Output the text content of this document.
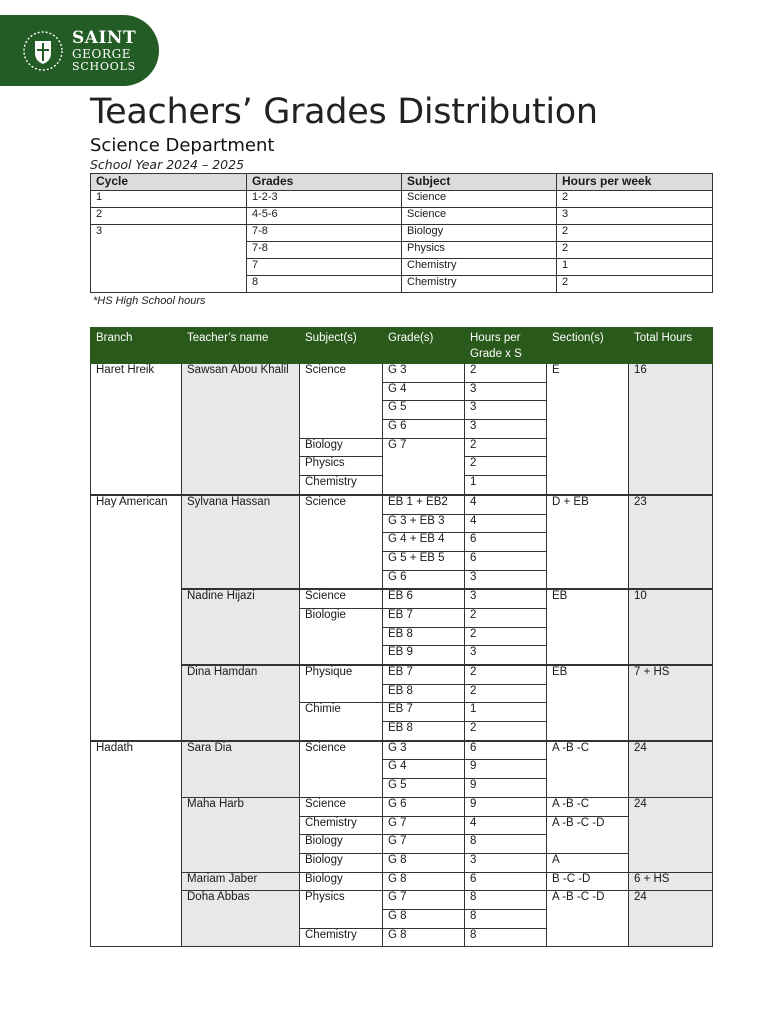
SAINT
GEORGE
SCHOOLS
Teachers’ Grades Distribution
Science Department
School Year 2024 – 2025
Cycle	Grades	Subject	Hours per week
1	1-2-3	Science	2
2	4-5-6	Science	3
3	7-8	Biology	2
	7-8	Physics	2
	7	Chemistry	1
	8	Chemistry	2
*HS High School hours
Branch	Teacher’s name	Subject(s)	Grade(s)	Hours per Grade x S	Section(s)	Total Hours
Haret Hreik	Sawsan Abou Khalil	Science	G 3	2	E	16
			G 4	3		
			G 5	3		
			G 6	3		
		Biology	G 7	2		
		Physics		2		
		Chemistry		1		
Hay American	Sylvana Hassan	Science	EB 1 + EB2	4	D + EB	23
			G 3 + EB 3	4		
			G 4 + EB 4	6		
			G 5 + EB 5	6		
			G 6	3		
	Nadine Hijazi	Science	EB 6	3	EB	10
		Biologie	EB 7	2		
			EB 8	2		
			EB 9	3		
	Dina Hamdan	Physique	EB 7	2	EB	7 + HS
			EB 8	2		
		Chimie	EB 7	1		
			EB 8	2		
Hadath	Sara Dia	Science	G 3	6	A -B -C	24
			G 4	9		
			G 5	9		
	Maha Harb	Science	G 6	9	A -B -C	24
		Chemistry	G 7	4	A -B -C -D	
		Biology	G 7	8		
		Biology	G 8	3	A	
	Mariam Jaber	Biology	G 8	6	B -C -D	6 + HS
	Doha Abbas	Physics	G 7	8	A -B -C -D	24
			G 8	8		
		Chemistry	G 8	8		
